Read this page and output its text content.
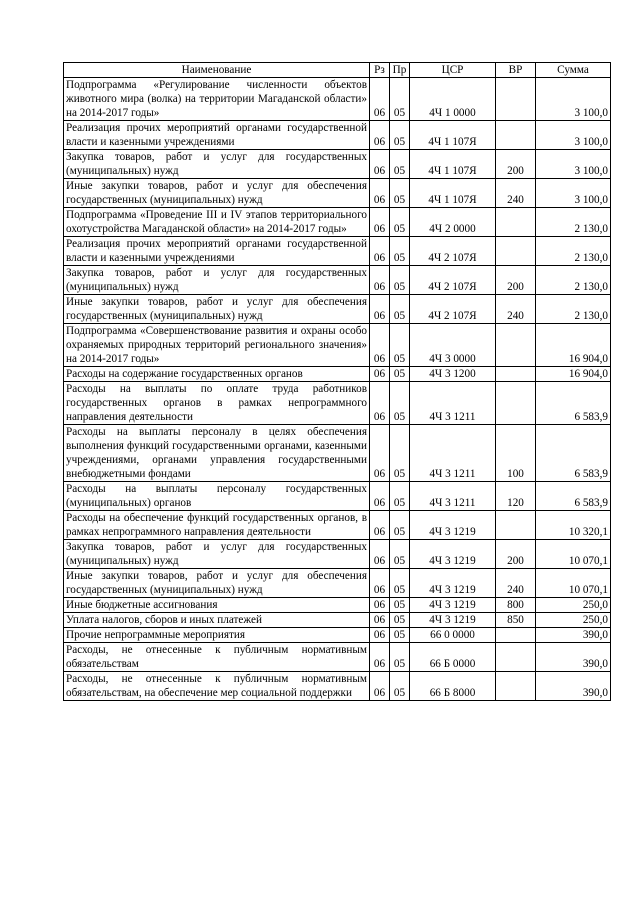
Наименование	Рз	Пр	ЦСР	ВР	Сумма
Подпрограмма «Регулирование численности объектов животного мира (волка) на территории Магаданской области» на 2014-2017 годы»	06	05	4Ч 1 0000		3 100,0
Реализация прочих мероприятий органами государственной власти и казенными учреждениями	06	05	4Ч 1 107Я		3 100,0
Закупка товаров, работ и услуг для государственных (муниципальных) нужд	06	05	4Ч 1 107Я	200	3 100,0
Иные закупки товаров, работ и услуг для обеспечения государственных (муниципальных) нужд	06	05	4Ч 1 107Я	240	3 100,0
Подпрограмма «Проведение III и IV этапов территориального охотустройства Магаданской области» на 2014-2017 годы»	06	05	4Ч 2 0000		2 130,0
Реализация прочих мероприятий органами государственной власти и казенными учреждениями	06	05	4Ч 2 107Я		2 130,0
Закупка товаров, работ и услуг для государственных (муниципальных) нужд	06	05	4Ч 2 107Я	200	2 130,0
Иные закупки товаров, работ и услуг для обеспечения государственных (муниципальных) нужд	06	05	4Ч 2 107Я	240	2 130,0
Подпрограмма «Совершенствование развития и охраны особо охраняемых природных территорий регионального значения» на 2014-2017 годы»	06	05	4Ч 3 0000		16 904,0
Расходы на содержание государственных органов	06	05	4Ч 3 1200		16 904,0
Расходы на выплаты по оплате труда работников государственных органов в рамках непрограммного направления деятельности	06	05	4Ч 3 1211		6 583,9
Расходы на выплаты персоналу в целях обеспечения выполнения функций государственными органами, казенными учреждениями, органами управления государственными внебюджетными фондами	06	05	4Ч 3 1211	100	6 583,9
Расходы на выплаты персоналу государственных (муниципальных) органов	06	05	4Ч 3 1211	120	6 583,9
Расходы на обеспечение функций государственных органов, в рамках непрограммного направления деятельности	06	05	4Ч 3 1219		10 320,1
Закупка товаров, работ и услуг для государственных (муниципальных) нужд	06	05	4Ч 3 1219	200	10 070,1
Иные закупки товаров, работ и услуг для обеспечения государственных (муниципальных) нужд	06	05	4Ч 3 1219	240	10 070,1
Иные бюджетные ассигнования	06	05	4Ч 3 1219	800	250,0
Уплата налогов, сборов и иных платежей	06	05	4Ч 3 1219	850	250,0
Прочие непрограммные мероприятия	06	05	66 0 0000		390,0
Расходы, не отнесенные к публичным нормативным обязательствам	06	05	66 Б 0000		390,0
Расходы, не отнесенные к публичным нормативным обязательствам, на обеспечение мер социальной поддержки	06	05	66 Б 8000		390,0
